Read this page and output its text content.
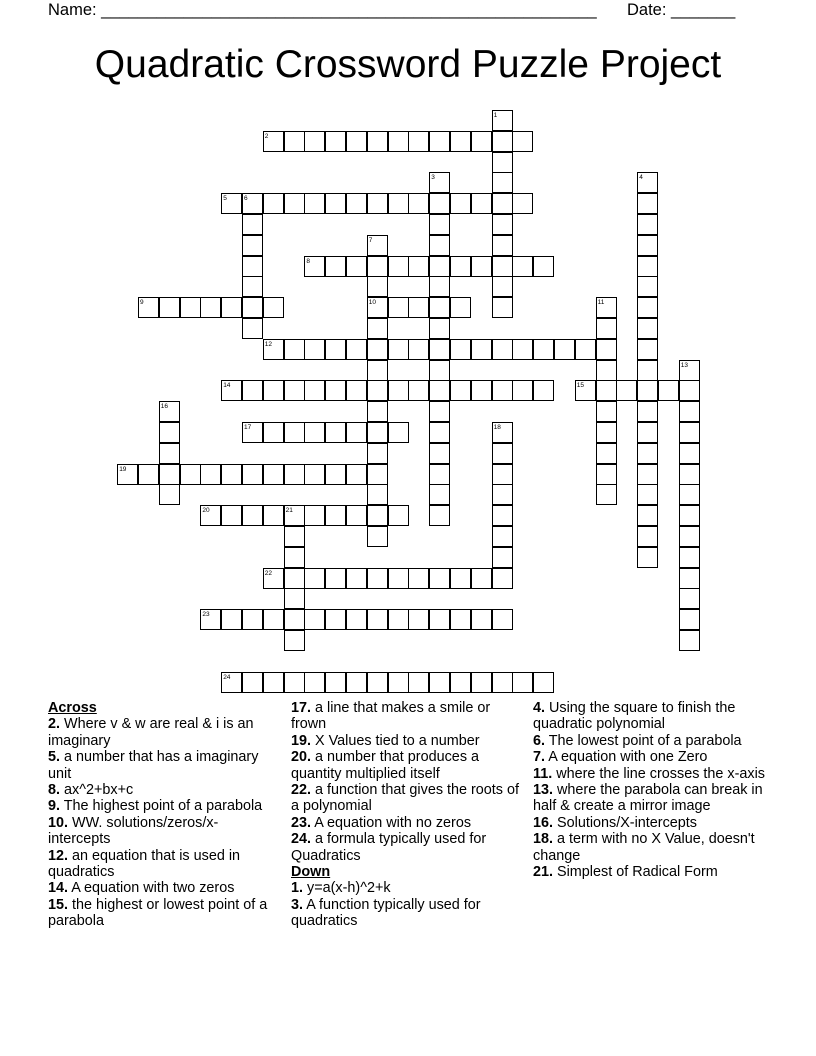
Name: ______________________________________________________ Date: _______
Quadratic Crossword Puzzle Project
2
5	6
8
9	10
12
14	15
17
19
20	21
22
23
24
1
3	4
7
11
13
16
18
Across
2. Where v & w are real & i is an imaginary
5. a number that has a imaginary unit
8. ax^2+bx+c
9. The highest point of a parabola
10. WW. solutions/zeros/x-intercepts
12. an equation that is used in quadratics
14. A equation with two zeros
15. the highest or lowest point of a parabola
17. a line that makes a smile or frown
19. X Values tied to a number
20. a number that produces a quantity multiplied itself
22. a function that gives the roots of a polynomial
23. A equation with no zeros
24. a formula typically used for Quadratics
Down
1. y=a(x-h)^2+k
3. A function typically used for quadratics
4. Using the square to finish the quadratic polynomial
6. The lowest point of a parabola
7. A equation with one Zero
11. where the line crosses the x-axis
13. where the parabola can break in half & create a mirror image
16. Solutions/X-intercepts
18. a term with no X Value, doesn't change
21. Simplest of Radical Form
